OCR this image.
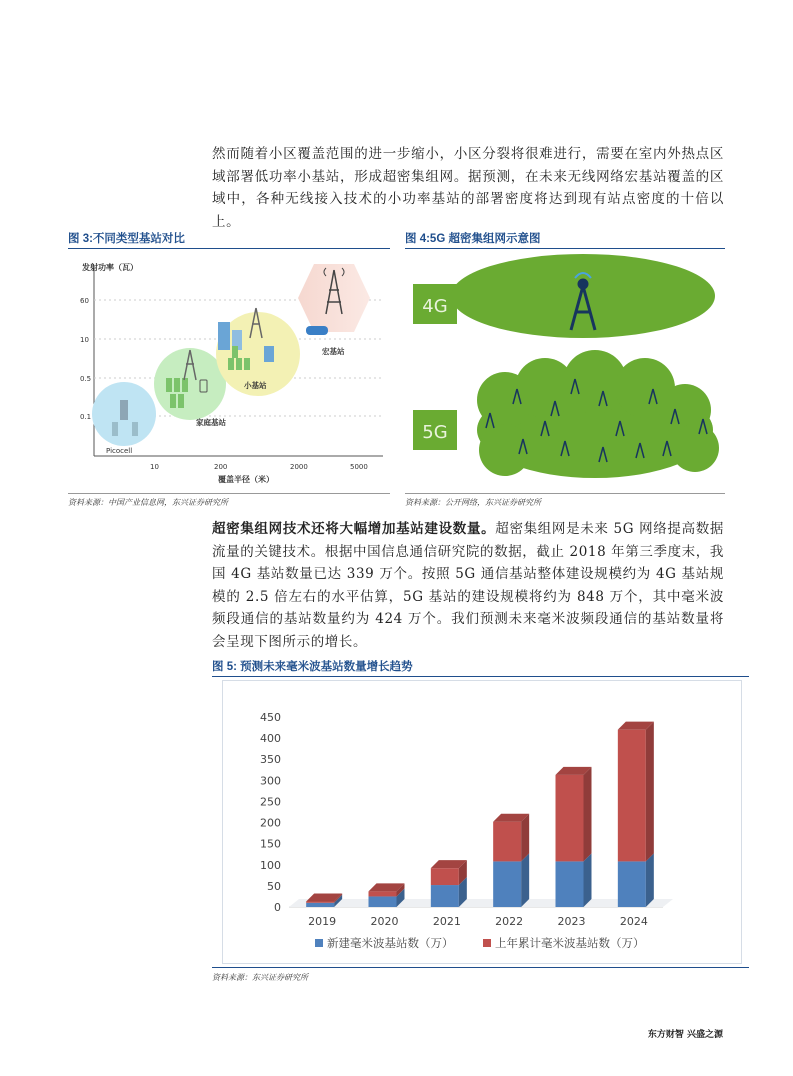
然而随着小区覆盖范围的进一步缩小，小区分裂将很难进行，需要在室内外热点区域部署低功率小基站，形成超密集组网。据预测，在未来无线网络宏基站覆盖的区域中，各种无线接入技术的小功率基站的部署密度将达到现有站点密度的十倍以上。
图 3:不同类型基站对比
发射功率（瓦）
60
10
0.5
0.1
10	200	2000	5000
覆盖半径（米）
Picocell
家庭基站
小基站
宏基站
资料来源：中国产业信息网，东兴证券研究所
图 4:5G 超密集组网示意图
4G
5G
资料来源：公开网络，东兴证券研究所
超密集组网技术还将大幅增加基站建设数量。超密集组网是未来 5G 网络提高数据流量的关键技术。根据中国信息通信研究院的数据，截止 2018 年第三季度末，我国 4G 基站数量已达 339 万个。按照 5G 通信基站整体建设规模约为 4G 基站规模的 2.5 倍左右的水平估算，5G 基站的建设规模将约为 848 万个，其中毫米波频段通信的基站数量约为 424 万个。我们预测未来毫米波频段通信的基站数量将会呈现下图所示的增长。
图 5: 预测未来毫米波基站数量增长趋势
0
50
100
150
200
250
300
350
400
450
2019	2020	2021	2022	2023	2024
新建毫米波基站数（万）	上年累计毫米波基站数（万）
资料来源：东兴证券研究所
东方财智 兴盛之源
